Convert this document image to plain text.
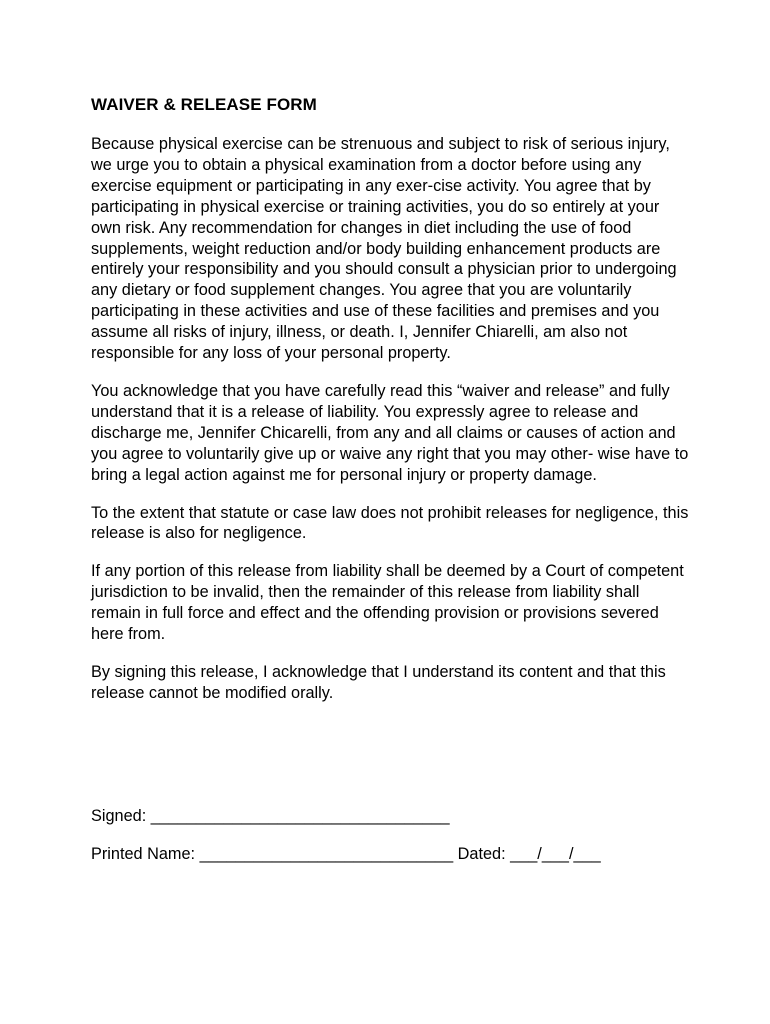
WAIVER & RELEASE FORM

Because physical exercise can be strenuous and subject to risk of serious injury, we urge you to obtain a physical examination from a doctor before using any exercise equipment or participating in any exer-cise activity. You agree that by participating in physical exercise or training activities, you do so entirely at your own risk. Any recommendation for changes in diet including the use of food supplements, weight reduction and/or body building enhancement products are entirely your responsibility and you should consult a physician prior to undergoing any dietary or food supplement changes. You agree that you are voluntarily participating in these activities and use of these facilities and premises and you assume all risks of injury, illness, or death. I, Jennifer Chiarelli, am also not responsible for any loss of your personal property.

You acknowledge that you have carefully read this “waiver and release” and fully understand that it is a release of liability. You expressly agree to release and discharge me, Jennifer Chicarelli, from any and all claims or causes of action and you agree to voluntarily give up or waive any right that you may other- wise have to bring a legal action against me for personal injury or property damage.

To the extent that statute or case law does not prohibit releases for negligence, this release is also for negligence.

If any portion of this release from liability shall be deemed by a Court of competent jurisdiction to be invalid, then the remainder of this release from liability shall remain in full force and effect and the offending provision or provisions severed here from.

By signing this release, I acknowledge that I understand its content and that this release cannot be modified orally.

Signed: _________________________________
Printed Name: ____________________________ Dated: ___/___/___
